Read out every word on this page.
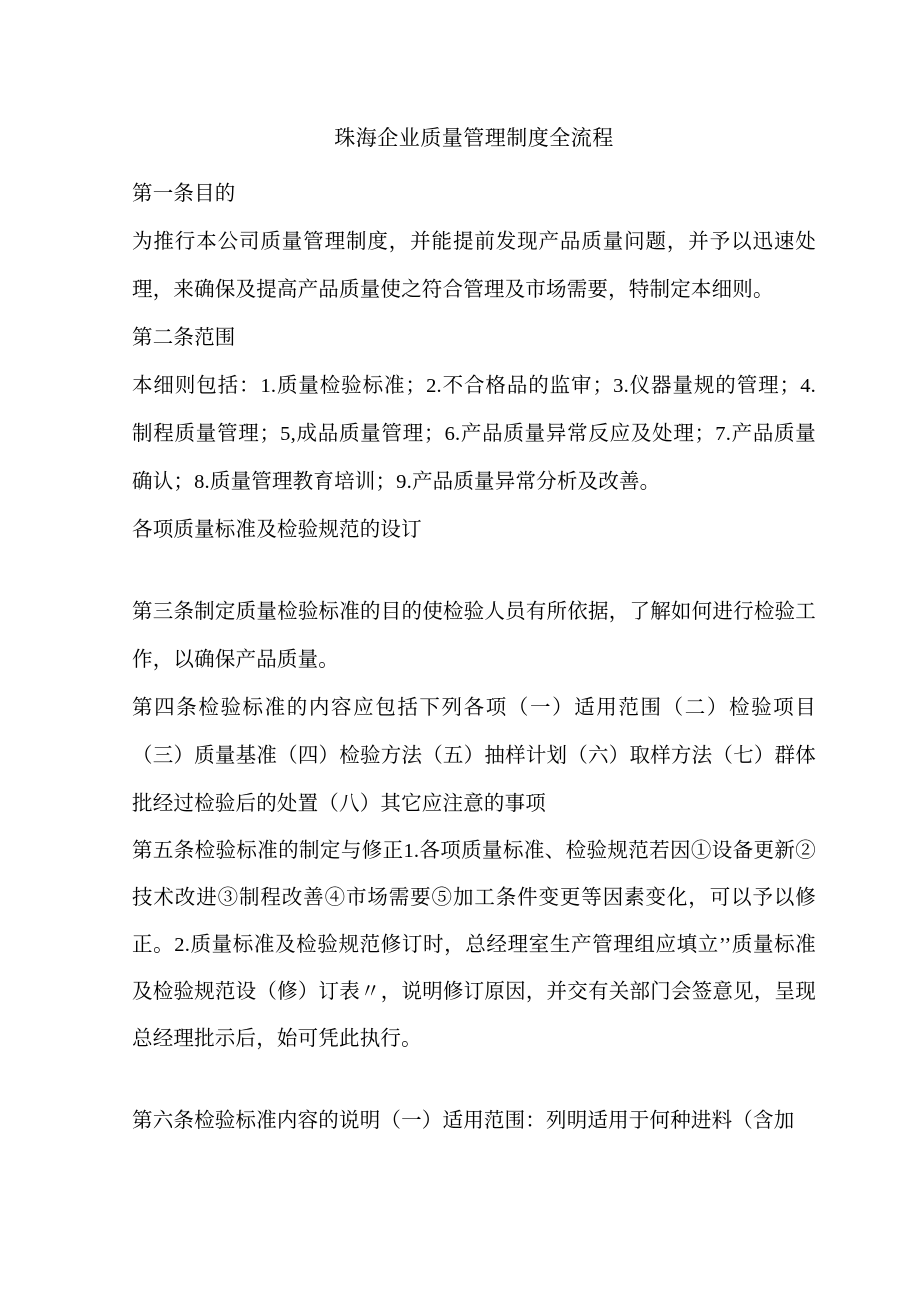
珠海企业质量管理制度全流程

第一条目的

为推行本公司质量管理制度，并能提前发现产品质量问题，并予以迅速处理，来确保及提高产品质量使之符合管理及市场需要，特制定本细则。

第二条范围

本细则包括：1.质量检验标准；2.不合格品的监审；3.仪器量规的管理；4.制程质量管理；5,成品质量管理；6.产品质量异常反应及处理；7.产品质量确认；8.质量管理教育培训；9.产品质量异常分析及改善。

各项质量标准及检验规范的设订

第三条制定质量检验标准的目的使检验人员有所依据，了解如何进行检验工作，以确保产品质量。

第四条检验标准的内容应包括下列各项（一）适用范围（二）检验项目（三）质量基准（四）检验方法（五）抽样计划（六）取样方法（七）群体批经过检验后的处置（八）其它应注意的事项

第五条检验标准的制定与修正1.各项质量标准、检验规范若因①设备更新②技术改进③制程改善④市场需要⑤加工条件变更等因素变化，可以予以修正。2.质量标准及检验规范修订时，总经理室生产管理组应填立’’质量标准及检验规范设（修）订表〃，说明修订原因，并交有关部门会签意见，呈现总经理批示后，始可凭此执行。

第六条检验标准内容的说明（一）适用范围：列明适用于何种进料（含加
